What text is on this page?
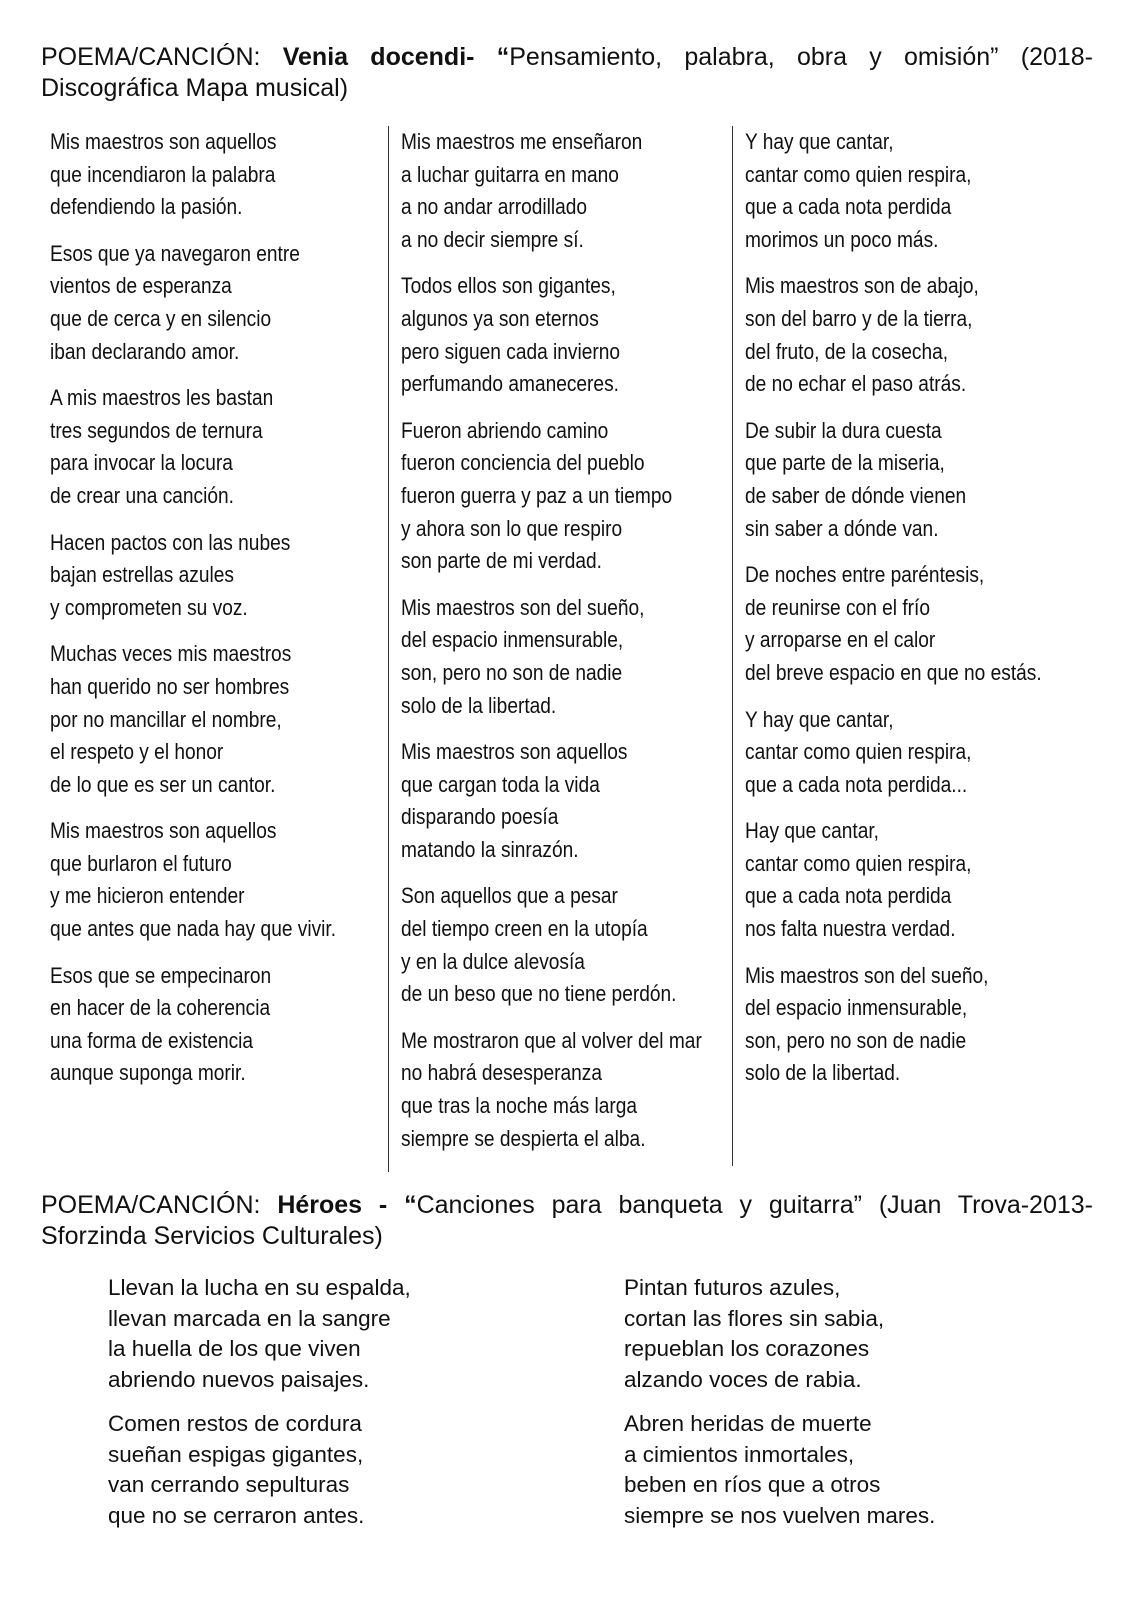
POEMA/CANCIÓN: Venia docendi- “Pensamiento, palabra, obra y omisión” (2018-Discográfica Mapa musical)
Mis maestros son aquellos
que incendiaron la palabra
defendiendo la pasión.
Esos que ya navegaron entre
vientos de esperanza
que de cerca y en silencio
iban declarando amor.
A mis maestros les bastan
tres segundos de ternura
para invocar la locura
de crear una canción.
Hacen pactos con las nubes
bajan estrellas azules
y comprometen su voz.
Muchas veces mis maestros
han querido no ser hombres
por no mancillar el nombre,
el respeto y el honor
de lo que es ser un cantor.
Mis maestros son aquellos
que burlaron el futuro
y me hicieron entender
que antes que nada hay que vivir.
Esos que se empecinaron
en hacer de la coherencia
una forma de existencia
aunque suponga morir.
Mis maestros me enseñaron
a luchar guitarra en mano
a no andar arrodillado
a no decir siempre sí.
Todos ellos son gigantes,
algunos ya son eternos
pero siguen cada invierno
perfumando amaneceres.
Fueron abriendo camino
fueron conciencia del pueblo
fueron guerra y paz a un tiempo
y ahora son lo que respiro
son parte de mi verdad.
Mis maestros son del sueño,
del espacio inmensurable,
son, pero no son de nadie
solo de la libertad.
Mis maestros son aquellos
que cargan toda la vida
disparando poesía
matando la sinrazón.
Son aquellos que a pesar
del tiempo creen en la utopía
y en la dulce alevosía
de un beso que no tiene perdón.
Me mostraron que al volver del mar
no habrá desesperanza
que tras la noche más larga
siempre se despierta el alba.
Y hay que cantar,
cantar como quien respira,
que a cada nota perdida
morimos un poco más.
Mis maestros son de abajo,
son del barro y de la tierra,
del fruto, de la cosecha,
de no echar el paso atrás.
De subir la dura cuesta
que parte de la miseria,
de saber de dónde vienen
sin saber a dónde van.
De noches entre paréntesis,
de reunirse con el frío
y arroparse en el calor
del breve espacio en que no estás.
Y hay que cantar,
cantar como quien respira,
que a cada nota perdida...
Hay que cantar,
cantar como quien respira,
que a cada nota perdida
nos falta nuestra verdad.
Mis maestros son del sueño,
del espacio inmensurable,
son, pero no son de nadie
solo de la libertad.
POEMA/CANCIÓN: Héroes - “Canciones para banqueta y guitarra” (Juan Trova-2013- Sforzinda Servicios Culturales)
Llevan la lucha en su espalda,
llevan marcada en la sangre
la huella de los que viven
abriendo nuevos paisajes.
Comen restos de cordura
sueñan espigas gigantes,
van cerrando sepulturas
que no se cerraron antes.
Pintan futuros azules,
cortan las flores sin sabia,
repueblan los corazones
alzando voces de rabia.
Abren heridas de muerte
a cimientos inmortales,
beben en ríos que a otros
siempre se nos vuelven mares.
